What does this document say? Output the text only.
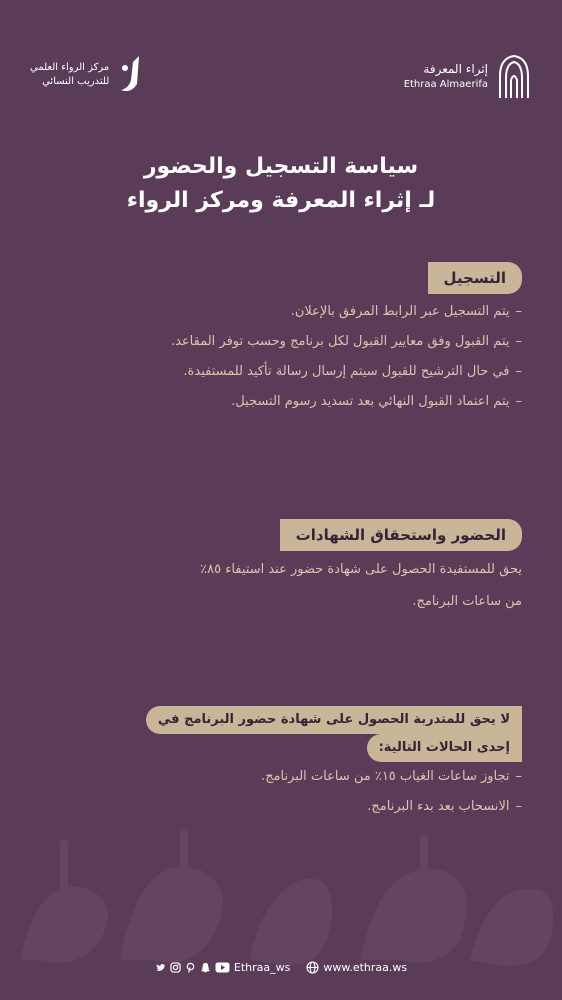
مركز الرواء العلمي
للتدريب النسائي
إثراء المعرفة
Ethraa Almaerifa
سياسة التسجيل والحضور
لـ إثراء المعرفة ومركز الرواء
التسجيل
–يتم التسجيل عبر الرابط المرفق بالإعلان.
–يتم القبول وفق معايير القبول لكل برنامج وحسب توفر المقاعد.
–في حال الترشيح للقبول سيتم إرسال رسالة تأكيد للمستفيدة.
–يتم اعتماد القبول النهائي بعد تسديد رسوم التسجيل.
الحضور واستحقاق الشهادات
يحق للمستفيدة الحصول على شهادة حضور عند استيفاء ٨٥٪
من ساعات البرنامج.
لا يحق للمتدربة الحصول على شهادة حضور البرنامج في
إحدى الحالات التالية:
–تجاوز ساعات الغياب ١٥٪ من ساعات البرنامج.
–الانسحاب بعد بدء البرنامج.
Ethraa_ws	www.ethraa.ws
